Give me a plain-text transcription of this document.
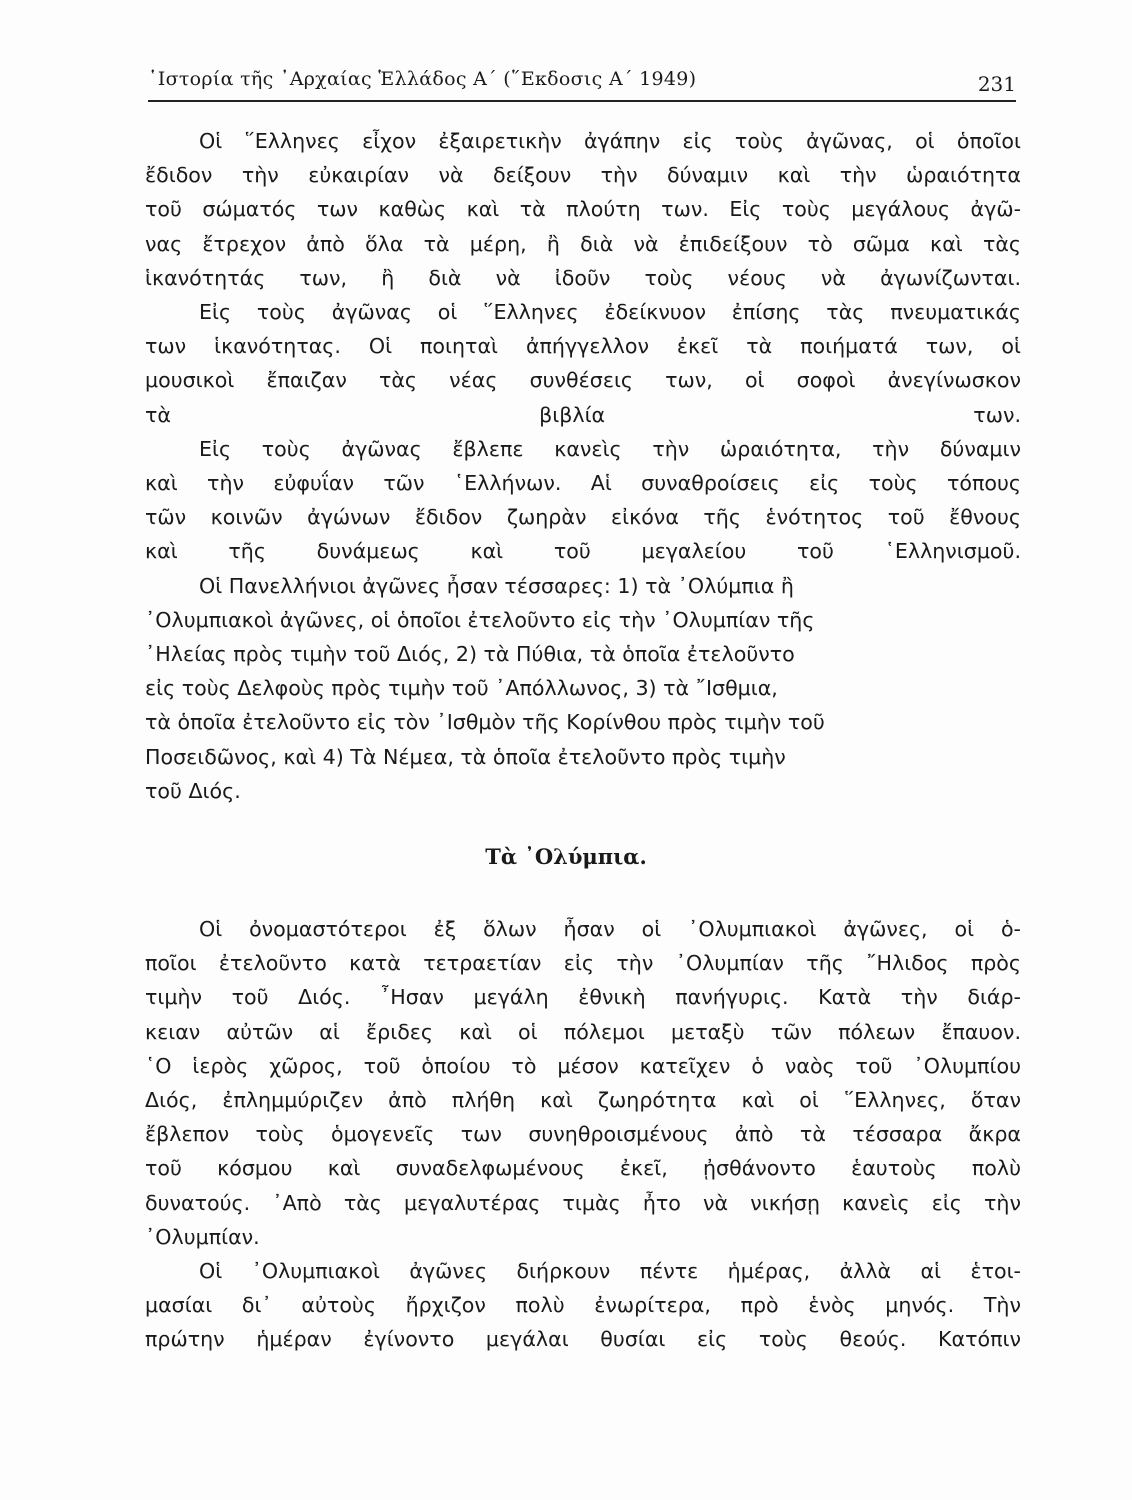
῾Ιστορία τῆς ᾿Αρχαίας Ἑλλάδος Α΄ (῞Εκδοσις Α΄ 1949)	231

Οἱ ῞Ελληνες εἶχον ἐξαιρετικὴν ἀγάπην εἰς τοὺς ἀγῶνας, οἱ ὁποῖοι
ἔδιδον τὴν εὐκαιρίαν νὰ δείξουν τὴν δύναμιν καὶ τὴν ὡραιότητα
τοῦ σώματός των καθὼς καὶ τὰ πλούτη των. Εἰς τοὺς μεγάλους ἀγῶ-
νας ἔτρεχον ἀπὸ ὅλα τὰ μέρη, ἢ διὰ νὰ ἐπιδείξουν τὸ σῶμα καὶ τὰς
ἱκανότητάς των, ἢ διὰ νὰ ἰδοῦν τοὺς νέους νὰ ἀγωνίζωνται.

Εἰς τοὺς ἀγῶνας οἱ ῞Ελληνες ἐδείκνυον ἐπίσης τὰς πνευματικάς
των ἱκανότητας. Οἱ ποιηταὶ ἀπήγγελλον ἐκεῖ τὰ ποιήματά των, οἱ
μουσικοὶ ἔπαιζαν τὰς νέας συνθέσεις των, οἱ σοφοὶ ἀνεγίνωσκον
τὰ βιβλία των.

Εἰς τοὺς ἀγῶνας ἔβλεπε κανεὶς τὴν ὡραιότητα, τὴν δύναμιν
καὶ τὴν εὐφυΐαν τῶν ῾Ελλήνων. Αἱ συναθροίσεις εἰς τοὺς τόπους
τῶν κοινῶν ἀγώνων ἔδιδον ζωηρὰν εἰκόνα τῆς ἑνότητος τοῦ ἔθνους
καὶ τῆς δυνάμεως καὶ τοῦ μεγαλείου τοῦ ῾Ελληνισμοῦ.

Οἱ Πανελλήνιοι ἀγῶνες ἦσαν τέσσαρες: 1) τὰ ᾿Ολύμπια ἢ
᾿Ολυμπιακοὶ ἀγῶνες, οἱ ὁποῖοι ἐτελοῦντο εἰς τὴν ᾿Ολυμπίαν τῆς
᾿Ηλείας πρὸς τιμὴν τοῦ Διός, 2) τὰ Πύθια, τὰ ὁποῖα ἐτελοῦντο
εἰς τοὺς Δελφοὺς πρὸς τιμὴν τοῦ ᾿Απόλλωνος, 3) τὰ ῎Ισθμια,
τὰ ὁποῖα ἐτελοῦντο εἰς τὸν ᾿Ισθμὸν τῆς Κορίνθου πρὸς τιμὴν τοῦ
Ποσειδῶνος, καὶ 4) Τὰ Νέμεα, τὰ ὁποῖα ἐτελοῦντο πρὸς τιμὴν
τοῦ Διός.

Τὰ ᾿Ολύμπια.

Οἱ ὀνομαστότεροι ἐξ ὅλων ἦσαν οἱ ᾿Ολυμπιακοὶ ἀγῶνες, οἱ ὁ-
ποῖοι ἐτελοῦντο κατὰ τετραετίαν εἰς τὴν ᾿Ολυμπίαν τῆς ῎Ηλιδος πρὸς
τιμὴν τοῦ Διός. ῏Ησαν μεγάλη ἐθνικὴ πανήγυρις. Κατὰ τὴν διάρ-
κειαν αὐτῶν αἱ ἔριδες καὶ οἱ πόλεμοι μεταξὺ τῶν πόλεων ἔπαυον.
῾Ο ἱερὸς χῶρος, τοῦ ὁποίου τὸ μέσον κατεῖχεν ὁ ναὸς τοῦ ᾿Ολυμπίου
Διός, ἐπλημμύριζεν ἀπὸ πλήθη καὶ ζωηρότητα καὶ οἱ ῞Ελληνες, ὅταν
ἔβλεπον τοὺς ὁμογενεῖς των συνηθροισμένους ἀπὸ τὰ τέσσαρα ἄκρα
τοῦ κόσμου καὶ συναδελφωμένους ἐκεῖ, ᾐσθάνοντο ἑαυτοὺς πολὺ
δυνατούς. ᾿Απὸ τὰς μεγαλυτέρας τιμὰς ἦτο νὰ νικήσῃ κανεὶς εἰς τὴν
᾿Ολυμπίαν.

Οἱ ᾿Ολυμπιακοὶ ἀγῶνες διήρκουν πέντε ἡμέρας, ἀλλὰ αἱ ἑτοι-
μασίαι δι᾿ αὐτοὺς ἤρχιζον πολὺ ἐνωρίτερα, πρὸ ἑνὸς μηνός. Τὴν
πρώτην ἡμέραν ἐγίνοντο μεγάλαι θυσίαι εἰς τοὺς θεούς. Κατόπιν
